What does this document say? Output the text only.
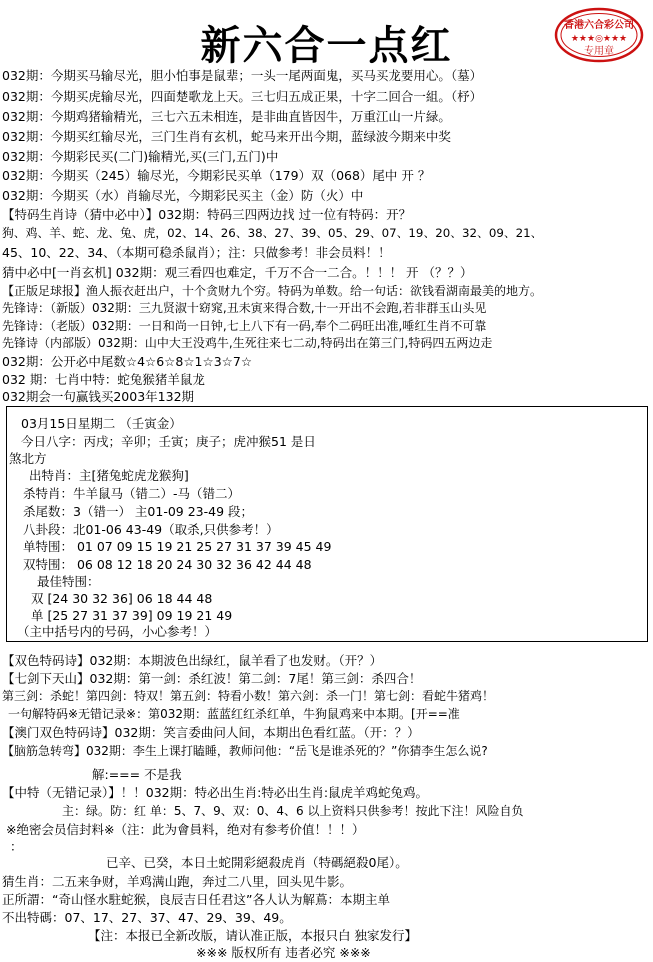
新六合一点红	香港六合彩公司
★★★◎★★★
专用章
032期：今期买马输尽光，胆小怕事是鼠辈；一头一尾两面鬼，买马买龙要用心。（墓）
032期：今期买虎输尽光，四面楚歌龙上天。三七归五成正果，十字二回合一組。（杼）
032期：今期鸡猪输精光，三七六五未相连，是非曲直皆因牛，万重江山一片緑。
032期：今期买红输尽光，三门生肖有玄机，蛇马来开出今期，蓝绿波今期来中奖
032期：今期彩民买(二门)输精光,买(三门,五门)中
032期：今期买（245）输尽光，今期彩民买单（179）双（068）尾中 开 ？
032期：今期买（水）肖输尽光，今期彩民买主（金）防（火）中
【特码生肖诗（猜中必中）】032期：特码三四两边找 过一位有特码：开？
狗、鸡、羊、蛇、龙、兔、虎，02、14、26、38、27、39、05、29、07、19、20、32、09、21、
45、10、22、34、（本期可稳杀鼠肖）；注：只做参考！非会员料！！
猜中必中[一肖玄机] 032期：观三看四也难定，千万不合一二合。！！！ 开 （？？）
【正版足球报】渔人振衣赶出户，十个贪财九个穷。特码为单数。给一句话：欲钱看湖南最美的地方。
先锋诗：（新版）032期：三九贤淑十窈窕,丑未寅来得合数,十一开出不会跑,若非群玉山头见
先锋诗：（老版）032期：一日和尚一日钟,七上八下有一码,奉个二码旺出准,唾红生肖不可靠
先锋诗（内部版）032期：山中大王没鸡牛,生死往来七二动,特码出在第三门,特码四五两边走
032期：公开必中尾数☆4☆6☆8☆1☆3☆7☆
032 期：七肖中特：蛇兔猴猪羊鼠龙
032期会一句赢钱买2003年132期
03月15日星期二 （壬寅金）
今日八字：丙戌；辛卯；壬寅；庚子；虎冲猴51 是日
煞北方
出特肖：主[猪兔蛇虎龙猴狗]
杀特肖：牛羊鼠马（错二）-马（错二）
杀尾数：3（错一） 主01-09 23-49 段；
八卦段：北01-06 43-49（取杀,只供参考！）
单特围： 01 07 09 15 19 21 25 27 31 37 39 45 49
双特围： 06 08 12 18 20 24 30 32 36 42 44 48
最佳特围：
双 [24 30 32 36] 06 18 44 48
单 [25 27 31 37 39] 09 19 21 49
（主中括号内的号码，小心参考！）
【双色特码诗】032期：本期波色出绿红，鼠羊看了也发财。（开？）
【七剑下天山】032期：第一剑：杀红波！第二剑：7尾！第三剑：杀四合！
第三剑：杀蛇！第四剑：特双！第五剑：特看小数！第六剑：杀一门！第七剑：看蛇牛猪鸡！
一句解特码※无错记录※：第032期：蓝蓝红红杀红单，牛狗鼠鸡来中本期。[开==准
【澳门双色特码诗】032期：笑言委曲问人间，本期出色看红蓝。（开：？）
【脑筋急转弯】032期：李生上课打瞌睡，教师问他：“岳飞是谁杀死的？”你猜李生怎么说?
解:=== 不是我
【中特（无错记录）】！！032期：特必出生肖:特必出生肖:鼠虎羊鸡蛇兔鸡。
主：绿。防：红 单：5、7、9、双：0、4、6 以上资料只供参考！按此下注！风险自负
※绝密会员信封料※（注：此为會員料，绝对有参考价值！！！）
：
已辛、已癸，本日土蛇開彩絕殺虎肖（特碼絕殺0尾）。
猜生肖：二五来争财，羊鸡满山跑，奔过二八里，回头见牛影。
正所謂：“奇山怪水駐蛇猴，良辰吉日任君这”各人认为解蔦：本期主单
不出特碼：07、17、27、37、47、29、39、49。
【注：本报已全新改版，请认准正版，本报只白 独家发行】
※※※ 版权所有 违者必究 ※※※
